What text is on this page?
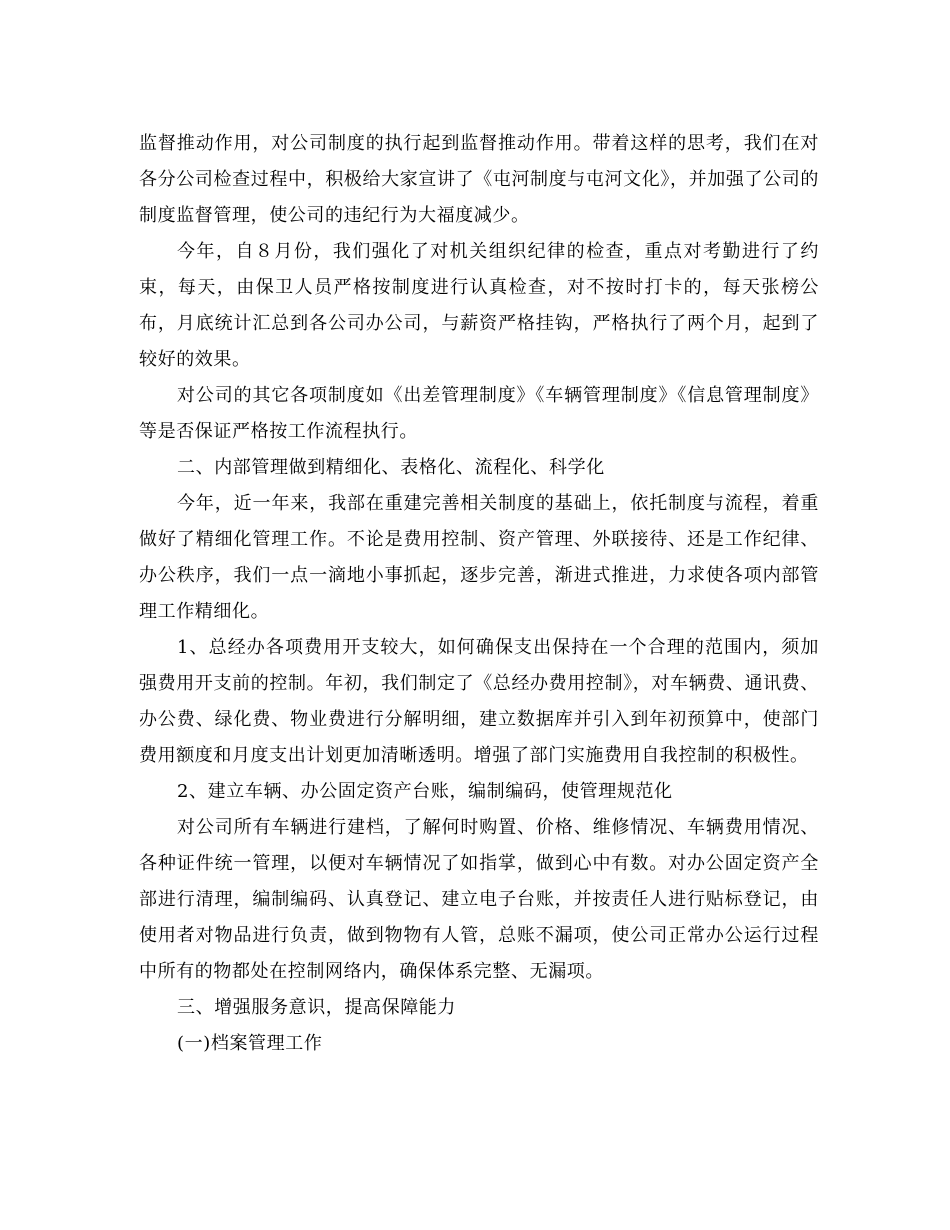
监督推动作用，对公司制度的执行起到监督推动作用。带着这样的思考，我们在对各分公司检查过程中，积极给大家宣讲了《屯河制度与屯河文化》，并加强了公司的制度监督管理，使公司的违纪行为大福度减少。

今年，自８月份，我们强化了对机关组织纪律的检查，重点对考勤进行了约束，每天，由保卫人员严格按制度进行认真检查，对不按时打卡的，每天张榜公布，月底统计汇总到各公司办公司，与薪资严格挂钩，严格执行了两个月，起到了较好的效果。

对公司的其它各项制度如《出差管理制度》《车辆管理制度》《信息管理制度》等是否保证严格按工作流程执行。

二、内部管理做到精细化、表格化、流程化、科学化

今年，近一年来，我部在重建完善相关制度的基础上，依托制度与流程，着重做好了精细化管理工作。不论是费用控制、资产管理、外联接待、还是工作纪律、办公秩序，我们一点一滴地小事抓起，逐步完善，渐进式推进，力求使各项内部管理工作精细化。

1、总经办各项费用开支较大，如何确保支出保持在一个合理的范围内，须加强费用开支前的控制。年初，我们制定了《总经办费用控制》，对车辆费、通讯费、办公费、绿化费、物业费进行分解明细，建立数据库并引入到年初预算中，使部门费用额度和月度支出计划更加清晰透明。增强了部门实施费用自我控制的积极性。

2、建立车辆、办公固定资产台账，编制编码，使管理规范化

对公司所有车辆进行建档，了解何时购置、价格、维修情况、车辆费用情况、各种证件统一管理，以便对车辆情况了如指掌，做到心中有数。对办公固定资产全部进行清理，编制编码、认真登记、建立电子台账，并按责任人进行贴标登记，由使用者对物品进行负责，做到物物有人管，总账不漏项，使公司正常办公运行过程中所有的物都处在控制网络内，确保体系完整、无漏项。

三、增强服务意识，提高保障能力

(一)档案管理工作
